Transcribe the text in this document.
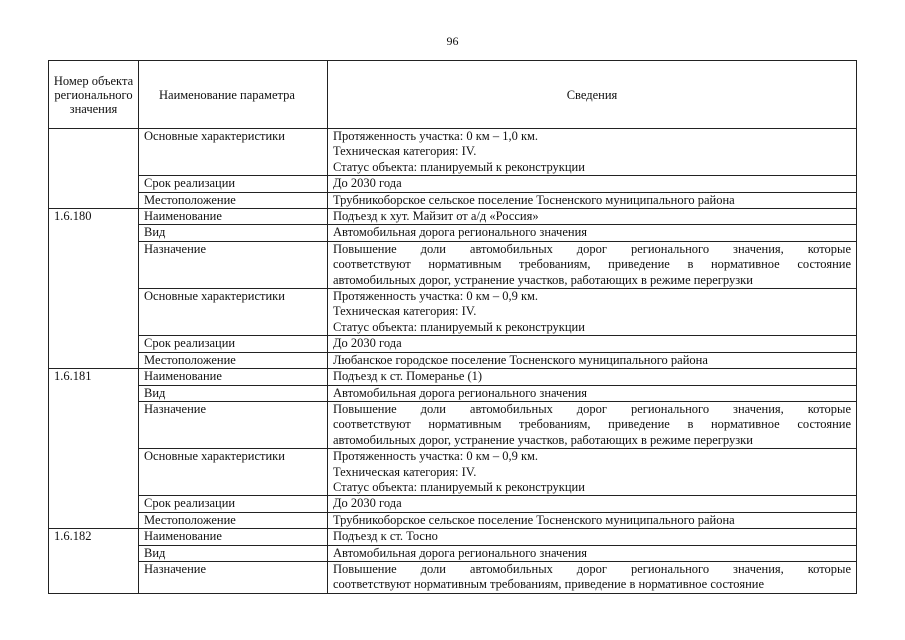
96
Номер объекта регионального значения	Наименование параметра	Сведения
	Основные характеристики	Протяженность участка: 0 км – 1,0 км.
Техническая категория: IV.
Статус объекта: планируемый к реконструкции

	Срок реализации	До 2030 года

	Местоположение	Трубникоборское сельское поселение Тосненского муниципального района

1.6.180	Наименование	Подъезд к хут. Майзит от а/д «Россия»

	Вид	Автомобильная дорога регионального значения

	Назначение	Повышение доли автомобильных дорог регионального значения, которые
соответствуют нормативным требованиям, приведение в нормативное состояние
автомобильных дорог, устранение участков, работающих в режиме перегрузки

	Основные характеристики	Протяженность участка: 0 км – 0,9 км.
Техническая категория: IV.
Статус объекта: планируемый к реконструкции

	Срок реализации	До 2030 года

	Местоположение	Любанское городское поселение Тосненского муниципального района

1.6.181	Наименование	Подъезд к ст. Померанье (1)

	Вид	Автомобильная дорога регионального значения

	Назначение	Повышение доли автомобильных дорог регионального значения, которые
соответствуют нормативным требованиям, приведение в нормативное состояние
автомобильных дорог, устранение участков, работающих в режиме перегрузки

	Основные характеристики	Протяженность участка: 0 км – 0,9 км.
Техническая категория: IV.
Статус объекта: планируемый к реконструкции

	Срок реализации	До 2030 года

	Местоположение	Трубникоборское сельское поселение Тосненского муниципального района

1.6.182	Наименование	Подъезд к ст. Тосно

	Вид	Автомобильная дорога регионального значения

	Назначение	Повышение доли автомобильных дорог регионального значения, которые
соответствуют нормативным требованиям, приведение в нормативное состояние
